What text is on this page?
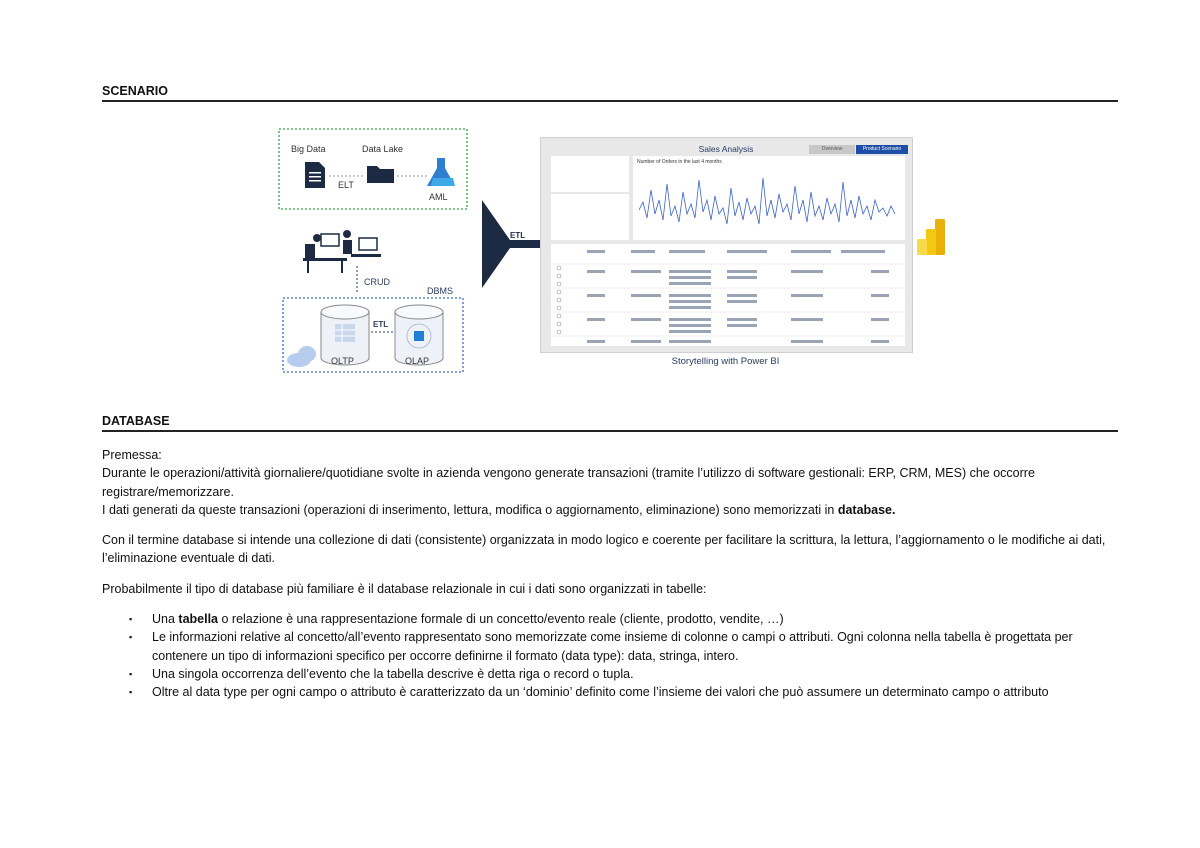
SCENARIO
Big Data	Data Lake
ELT
AML
CRUD
DBMS
OLTP
ETL
OLAP
ETL
Sales Analysis	Overview	Product Scenario
Number of Orders in the last 4 months
Storytelling with Power BI
DATABASE

Premessa:

Durante le operazioni/attività giornaliere/quotidiane svolte in azienda vengono generate transazioni (tramite l’utilizzo di software gestionali: ERP, CRM, MES) che occorre registrare/memorizzare.

I dati generati da queste transazioni (operazioni di inserimento, lettura, modifica o aggiornamento, eliminazione) sono memorizzati in database.

Con il termine database si intende una collezione di dati (consistente) organizzata in modo logico e coerente per facilitare la scrittura, la lettura, l’aggiornamento o le modifiche ai dati, l’eliminazione eventuale di dati.

Probabilmente il tipo di database più familiare è il database relazionale in cui i dati sono organizzati in tabelle:

▪ Una tabella o relazione è una rappresentazione formale di un concetto/evento reale (cliente, prodotto, vendite, …)
▪ Le informazioni relative al concetto/all’evento rappresentato sono memorizzate come insieme di colonne o campi o attributi. Ogni colonna nella tabella è progettata per contenere un tipo di informazioni specifico per occorre definirne il formato (data type): data, stringa, intero.
▪ Una singola occorrenza dell’evento che la tabella descrive è detta riga o record o tupla.
▪ Oltre al data type per ogni campo o attributo è caratterizzato da un ‘dominio’ definito come l’insieme dei valori che può assumere un determinato campo o attributo
